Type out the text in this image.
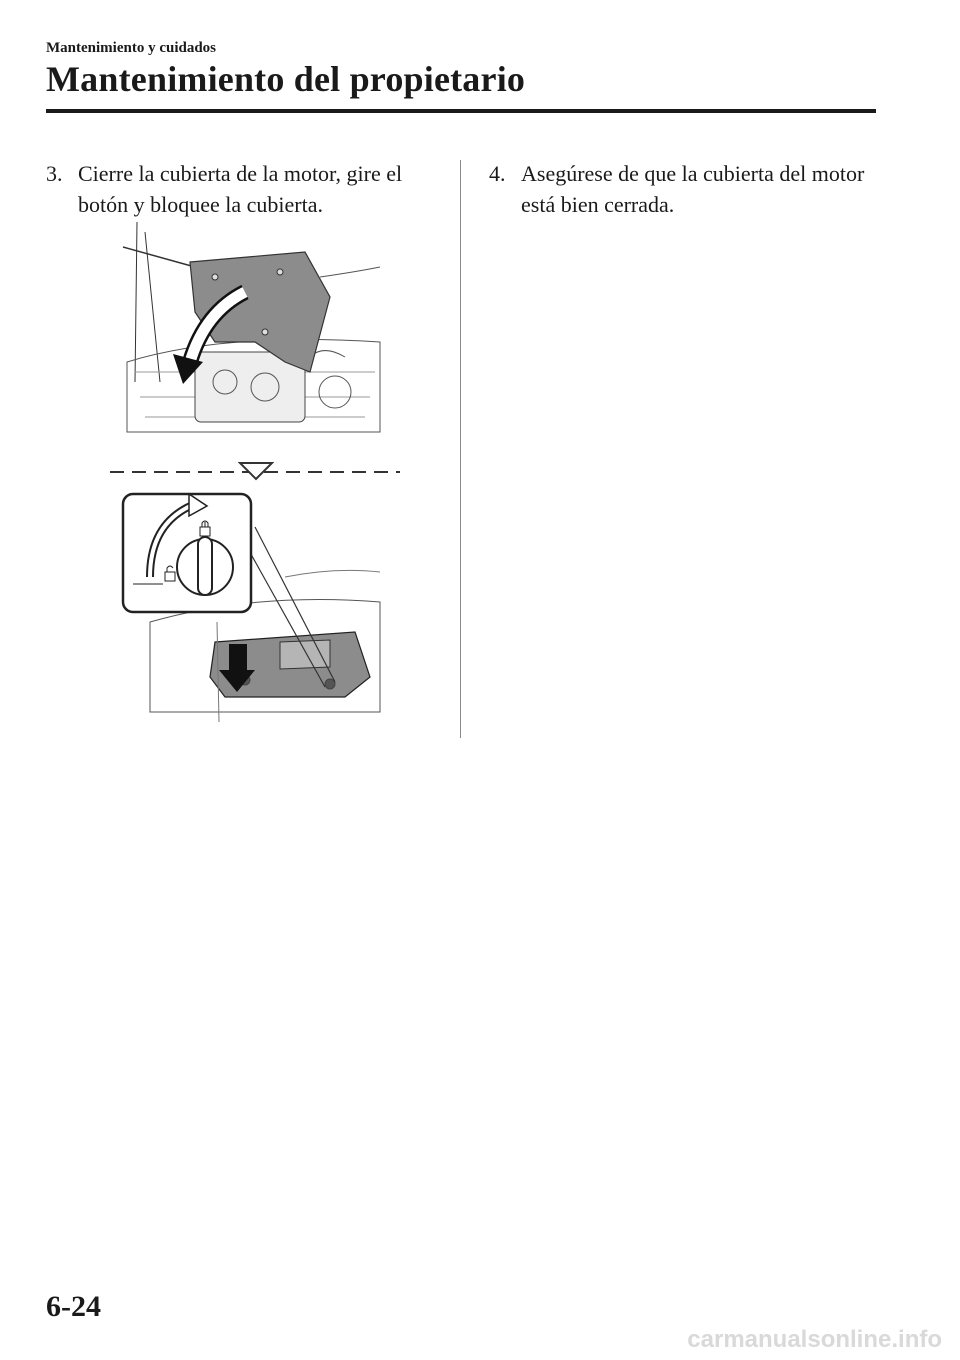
Mantenimiento y cuidados
Mantenimiento del propietario
3. Cierre la cubierta de la motor, gire el botón y bloquee la cubierta.
4. Asegúrese de que la cubierta del motor está bien cerrada.
6-24
carmanualsonline.info
